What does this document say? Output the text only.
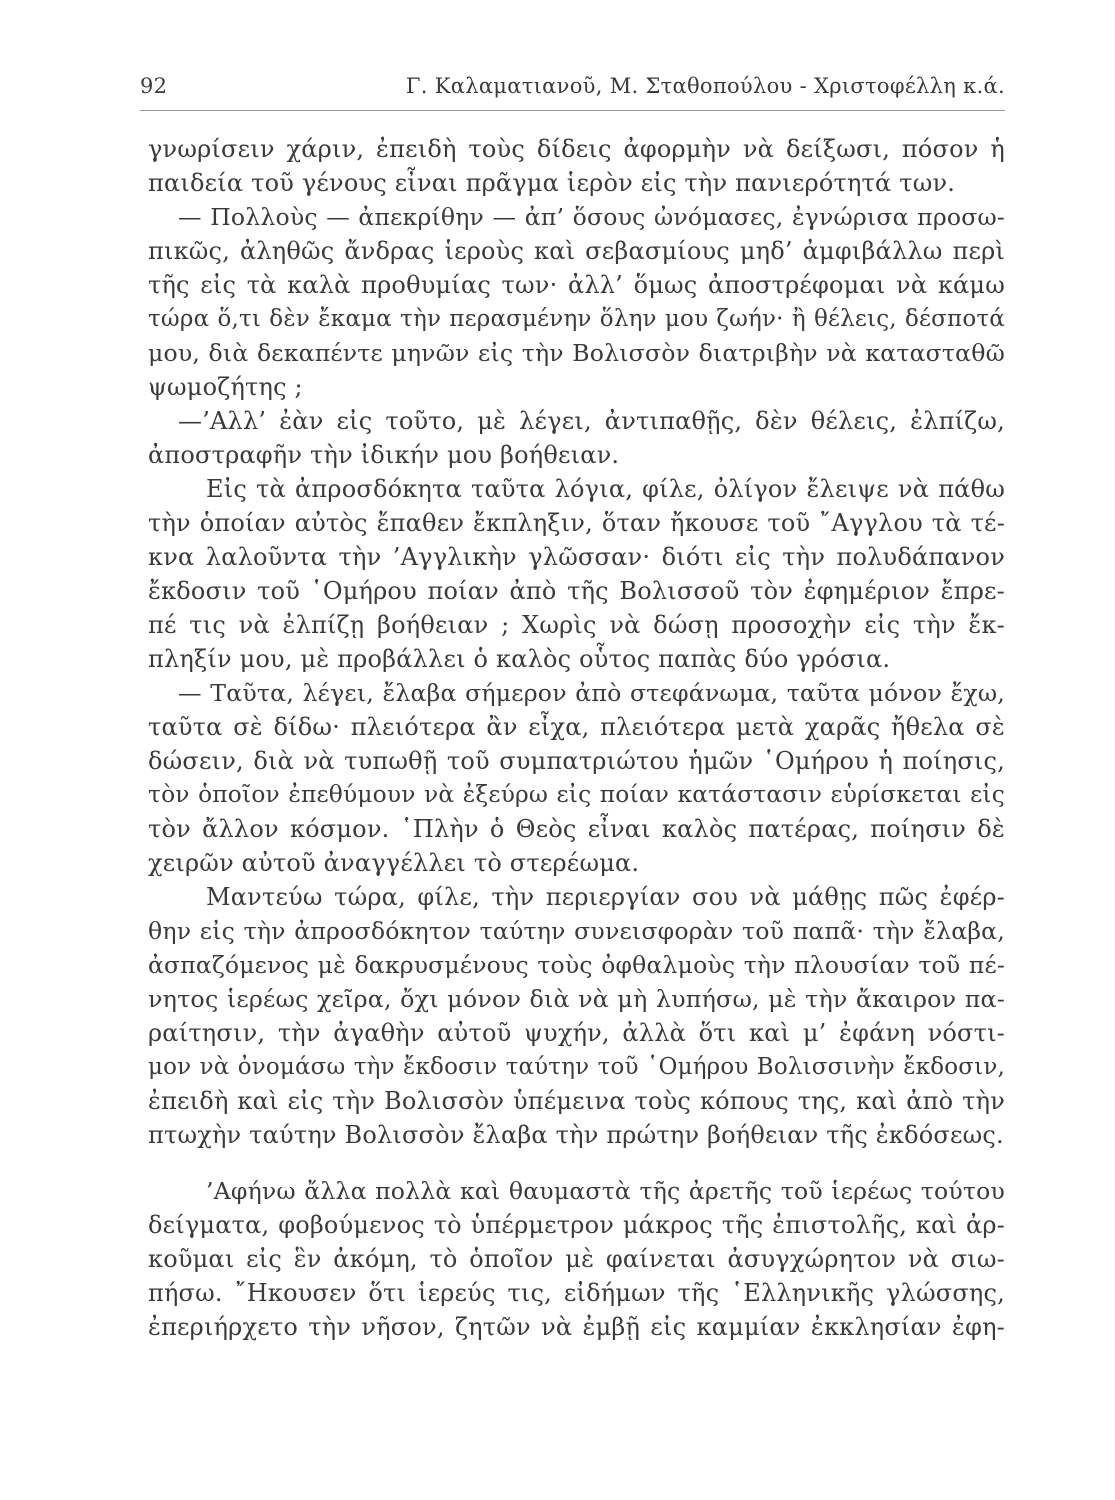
92	Γ. Καλαματιανοῦ, Μ. Σταθοπούλου - Χριστοφέλλη κ.ά.
γνωρίσειν χάριν, ἐπειδὴ τοὺς δίδεις ἀφορμὴν νὰ δείξωσι, πόσον ἡ
παιδεία τοῦ γένους εἶναι πρᾶγμα ἱερὸν εἰς τὴν πανιερότητά των.
— Πολλοὺς — ἀπεκρίθην — ἀπ’ ὅσους ὠνόμασες, ἐγνώρισα προσω-
πικῶς, ἀληθῶς ἄνδρας ἱεροὺς καὶ σεβασμίους μηδ’ ἀμφιβάλλω περὶ
τῆς εἰς τὰ καλὰ προθυμίας των· ἀλλ’ ὅμως ἀποστρέφομαι νὰ κάμω
τώρα ὅ,τι δὲν ἔκαμα τὴν περασμένην ὅλην μου ζωήν· ἢ θέλεις, δέσποτά
μου, διὰ δεκαπέντε μηνῶν εἰς τὴν Βολισσὸν διατριβὴν νὰ κατασταθῶ
ψωμοζήτης ;
—’Αλλ’ ἐὰν εἰς τοῦτο, μὲ λέγει, ἀντιπαθῇς, δὲν θέλεις, ἐλπίζω,
ἀποστραφῆν τὴν ἰδικήν μου βοήθειαν.
Εἰς τὰ ἀπροσδόκητα ταῦτα λόγια, φίλε, ὀλίγον ἔλειψε νὰ πάθω
τὴν ὁποίαν αὐτὸς ἔπαθεν ἔκπληξιν, ὅταν ἤκουσε τοῦ ῎Αγγλου τὰ τέ-
κνα λαλοῦντα τὴν ’Αγγλικὴν γλῶσσαν· διότι εἰς τὴν πολυδάπανον
ἔκδοσιν τοῦ ῾Ομήρου ποίαν ἀπὸ τῆς Βολισσοῦ τὸν ἐφημέριον ἔπρε-
πέ τις νὰ ἐλπίζῃ βοήθειαν ; Χωρὶς νὰ δώσῃ προσοχὴν εἰς τὴν ἔκ-
πληξίν μου, μὲ προβάλλει ὁ καλὸς οὗτος παπὰς δύο γρόσια.
— Ταῦτα, λέγει, ἔλαβα σήμερον ἀπὸ στεφάνωμα, ταῦτα μόνον ἔχω,
ταῦτα σὲ δίδω· πλειότερα ἂν εἶχα, πλειότερα μετὰ χαρᾶς ἤθελα σὲ
δώσειν, διὰ νὰ τυπωθῇ τοῦ συμπατριώτου ἡμῶν ῾Ομήρου ἡ ποίησις,
τὸν ὁποῖον ἐπεθύμουν νὰ ἐξεύρω εἰς ποίαν κατάστασιν εὑρίσκεται εἰς
τὸν ἄλλον κόσμον. ῾Πλὴν ὁ Θεὸς εἶναι καλὸς πατέρας, ποίησιν δὲ
χειρῶν αὐτοῦ ἀναγγέλλει τὸ στερέωμα.
Μαντεύω τώρα, φίλε, τὴν περιεργίαν σου νὰ μάθῃς πῶς ἐφέρ-
θην εἰς τὴν ἀπροσδόκητον ταύτην συνεισφορὰν τοῦ παπᾶ· τὴν ἔλαβα,
ἀσπαζόμενος μὲ δακρυσμένους τοὺς ὀφθαλμοὺς τὴν πλουσίαν τοῦ πέ-
νητος ἱερέως χεῖρα, ὄχι μόνον διὰ νὰ μὴ λυπήσω, μὲ τὴν ἄκαιρον πα-
ραίτησιν, τὴν ἀγαθὴν αὐτοῦ ψυχήν, ἀλλὰ ὅτι καὶ μ’ ἐφάνη νόστι-
μον νὰ ὀνομάσω τὴν ἔκδοσιν ταύτην τοῦ ῾Ομήρου Βολισσινὴν ἔκδοσιν,
ἐπειδὴ καὶ εἰς τὴν Βολισσὸν ὑπέμεινα τοὺς κόπους της, καὶ ἀπὸ τὴν
πτωχὴν ταύτην Βολισσὸν ἔλαβα τὴν πρώτην βοήθειαν τῆς ἐκδόσεως.
’Αφήνω ἄλλα πολλὰ καὶ θαυμαστὰ τῆς ἀρετῆς τοῦ ἱερέως τούτου
δείγματα, φοβούμενος τὸ ὑπέρμετρον μάκρος τῆς ἐπιστολῆς, καὶ ἀρ-
κοῦμαι εἰς ἓν ἀκόμη, τὸ ὁποῖον μὲ φαίνεται ἀσυγχώρητον νὰ σιω-
πήσω. ῎Ηκουσεν ὅτι ἱερεύς τις, εἰδήμων τῆς ῾Ελληνικῆς γλώσσης,
ἐπεριήρχετο τὴν νῆσον, ζητῶν νὰ ἐμβῇ εἰς καμμίαν ἐκκλησίαν ἐφη-
